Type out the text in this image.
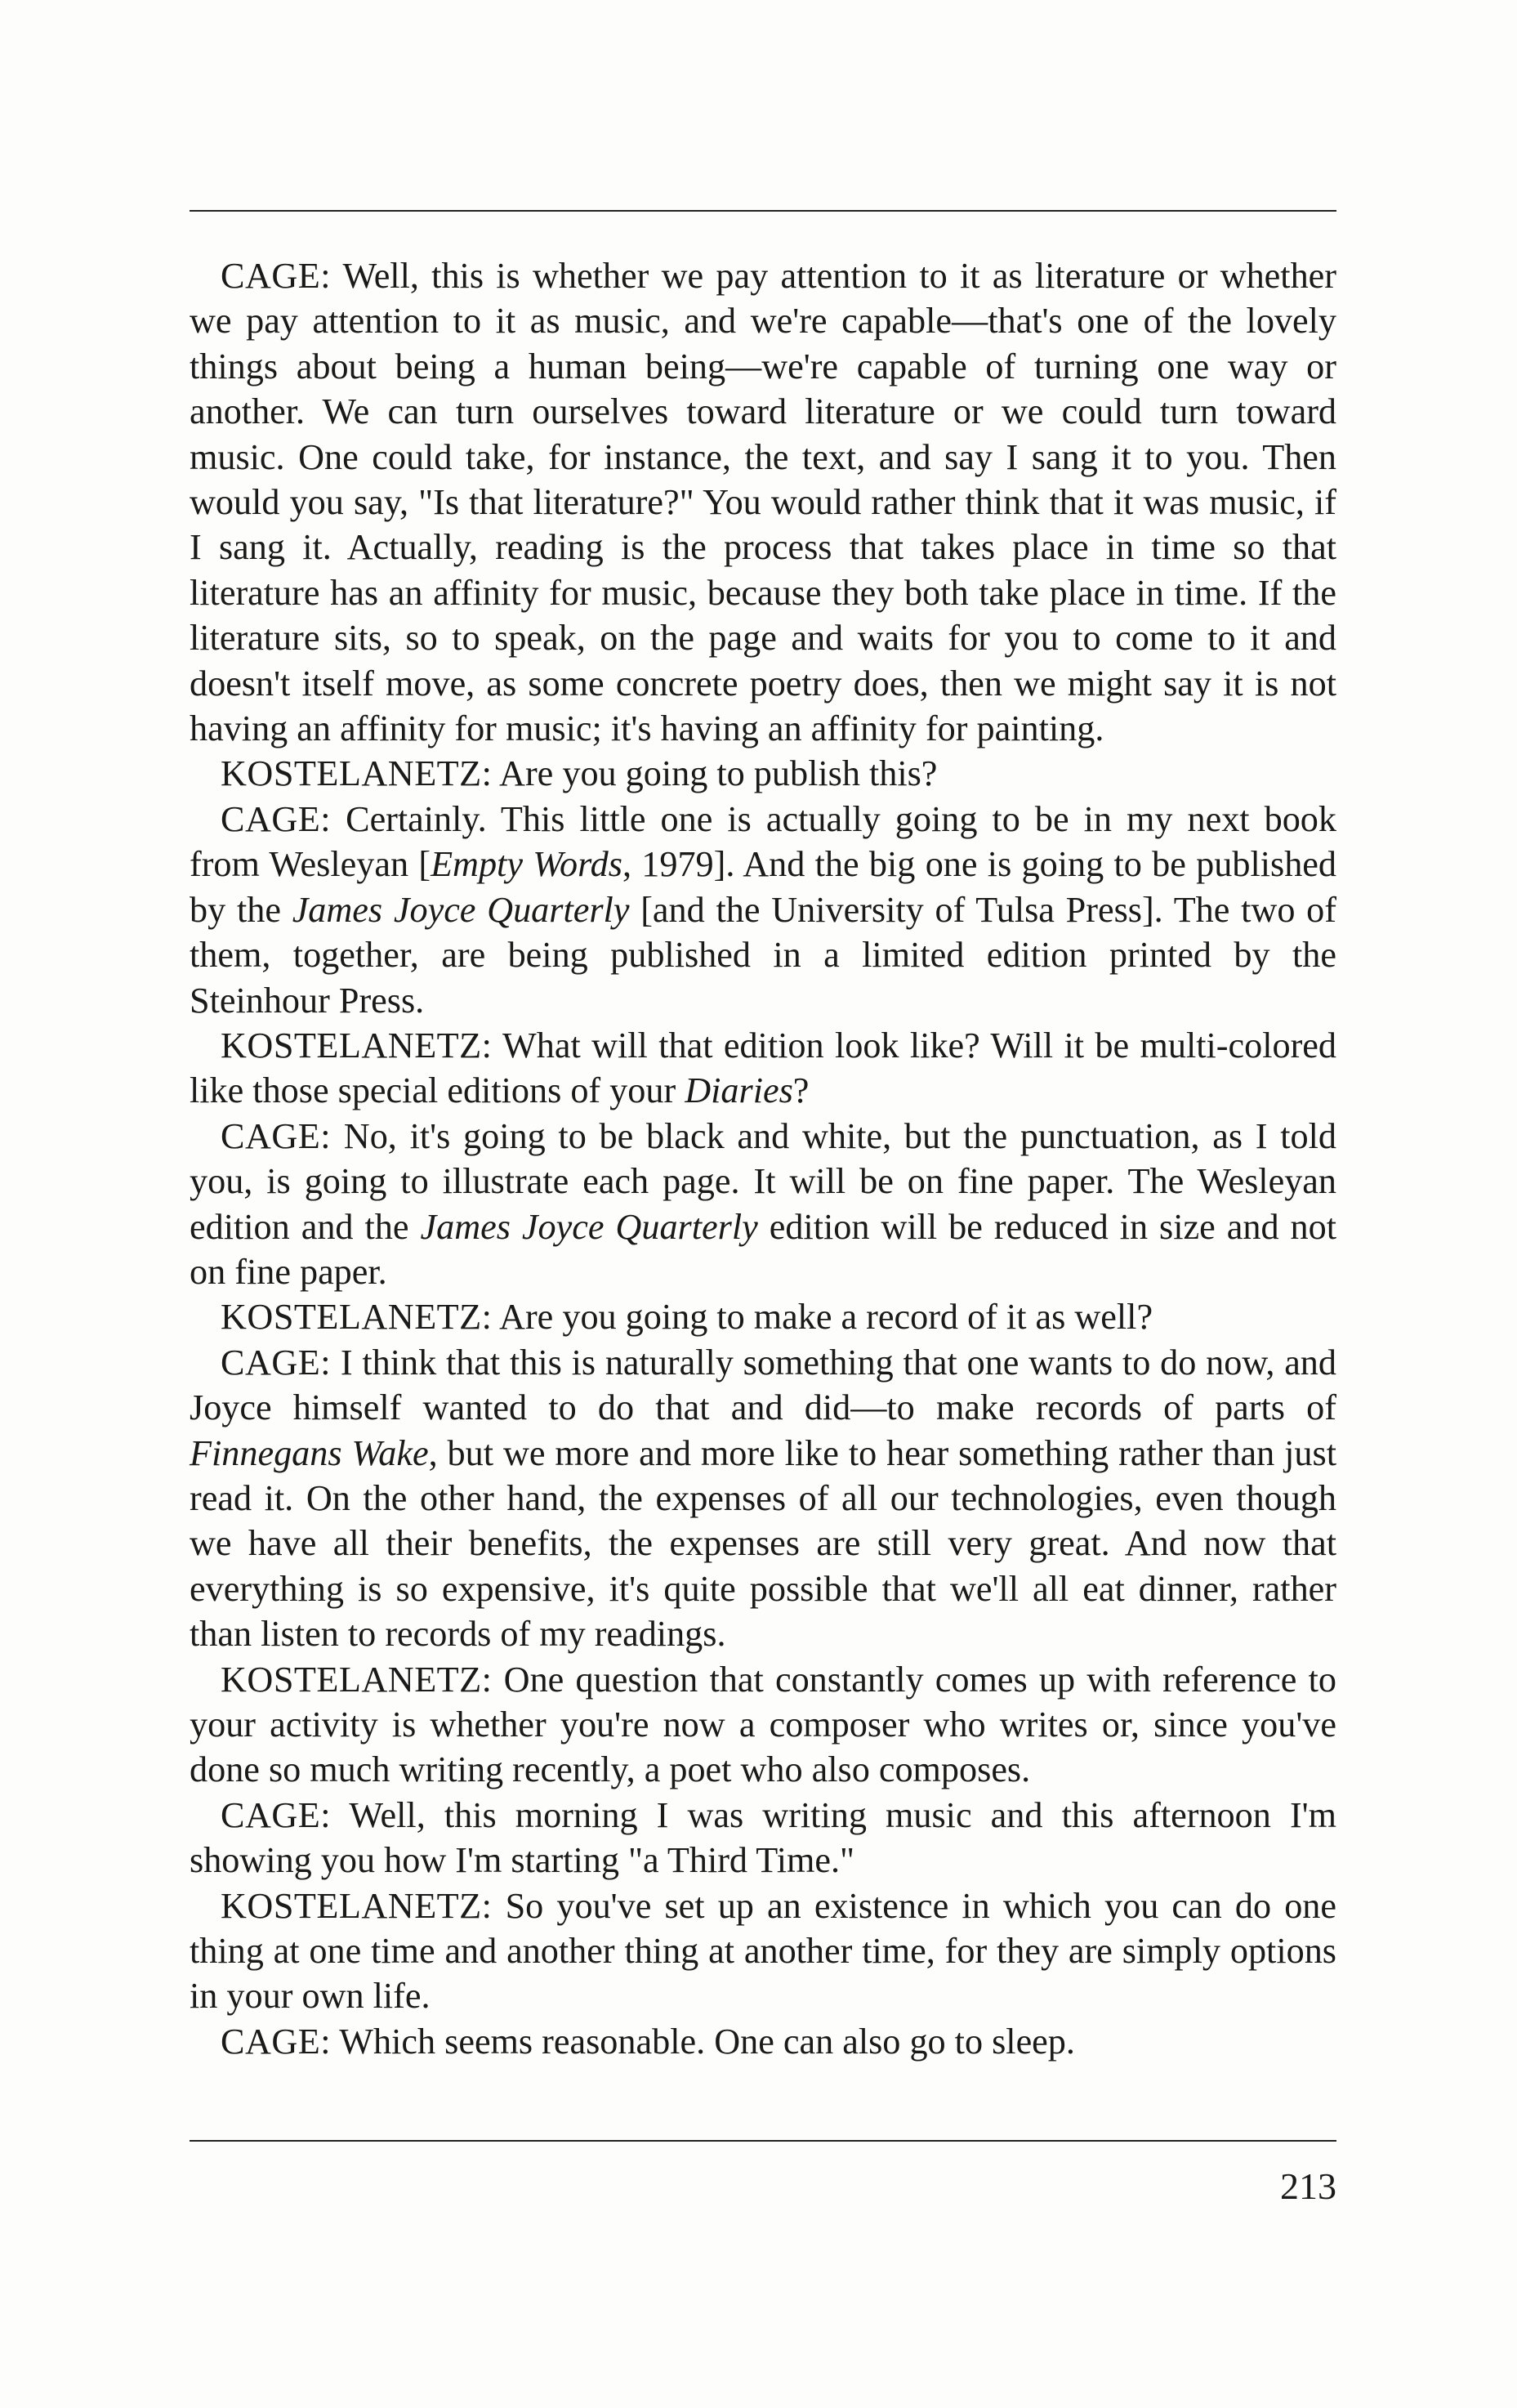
CAGE: Well, this is whether we pay attention to it as literature or whether we pay attention to it as music, and we're capable—that's one of the lovely things about being a human being—we're capable of turning one way or another. We can turn ourselves toward literature or we could turn toward music. One could take, for instance, the text, and say I sang it to you. Then would you say, "Is that literature?" You would rather think that it was music, if I sang it. Actually, reading is the process that takes place in time so that literature has an affinity for music, because they both take place in time. If the literature sits, so to speak, on the page and waits for you to come to it and doesn't itself move, as some concrete poetry does, then we might say it is not having an affinity for music; it's having an affinity for painting.

KOSTELANETZ: Are you going to publish this?

CAGE: Certainly. This little one is actually going to be in my next book from Wesleyan [Empty Words, 1979]. And the big one is going to be published by the James Joyce Quarterly [and the University of Tulsa Press]. The two of them, together, are being published in a limited edition printed by the Steinhour Press.

KOSTELANETZ: What will that edition look like? Will it be multi-colored like those special editions of your Diaries?

CAGE: No, it's going to be black and white, but the punctuation, as I told you, is going to illustrate each page. It will be on fine paper. The Wesleyan edition and the James Joyce Quarterly edition will be reduced in size and not on fine paper.

KOSTELANETZ: Are you going to make a record of it as well?

CAGE: I think that this is naturally something that one wants to do now, and Joyce himself wanted to do that and did—to make records of parts of Finnegans Wake, but we more and more like to hear something rather than just read it. On the other hand, the expenses of all our technologies, even though we have all their benefits, the expenses are still very great. And now that everything is so expensive, it's quite possible that we'll all eat dinner, rather than listen to records of my readings.

KOSTELANETZ: One question that constantly comes up with reference to your activity is whether you're now a composer who writes or, since you've done so much writing recently, a poet who also composes.

CAGE: Well, this morning I was writing music and this afternoon I'm showing you how I'm starting "a Third Time."

KOSTELANETZ: So you've set up an existence in which you can do one thing at one time and another thing at another time, for they are simply options in your own life.

CAGE: Which seems reasonable. One can also go to sleep.

213
